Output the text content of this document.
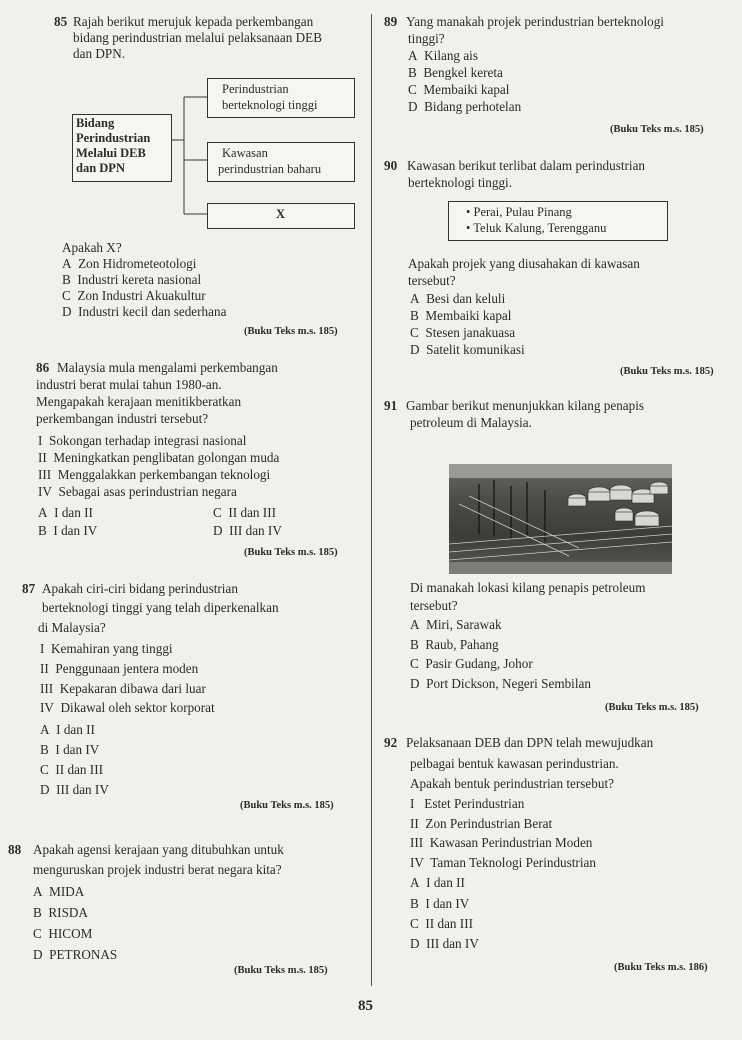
85 Rajah berikut merujuk kepada perkembangan
bidang perindustrian melalui pelaksanaan DEB
dan DPN.
Bidang
Perindustrian
Melalui DEB
dan DPN
Perindustrian
berteknologi tinggi
Kawasan
perindustrian baharu
X
Apakah X?
A Zon Hidrometeotologi
B Industri kereta nasional
C Zon Industri Akuakultur
D Industri kecil dan sederhana
(Buku Teks m.s. 185)
86 Malaysia mula mengalami perkembangan
industri berat mulai tahun 1980-an.
Mengapakah kerajaan menitikberatkan
perkembangan industri tersebut?
I Sokongan terhadap integrasi nasional
II Meningkatkan penglibatan golongan muda
III Menggalakkan perkembangan teknologi
IV Sebagai asas perindustrian negara
A I dan II	C II dan III
B I dan IV	D III dan IV
(Buku Teks m.s. 185)
87 Apakah ciri-ciri bidang perindustrian
berteknologi tinggi yang telah diperkenalkan
di Malaysia?
I Kemahiran yang tinggi
II Penggunaan jentera moden
III Kepakaran dibawa dari luar
IV Dikawal oleh sektor korporat
A I dan II
B I dan IV
C II dan III
D III dan IV
(Buku Teks m.s. 185)
88 Apakah agensi kerajaan yang ditubuhkan untuk
menguruskan projek industri berat negara kita?
A MIDA
B RISDA
C HICOM
D PETRONAS
(Buku Teks m.s. 185)
89 Yang manakah projek perindustrian berteknologi
tinggi?
A Kilang ais
B Bengkel kereta
C Membaiki kapal
D Bidang perhotelan
(Buku Teks m.s. 185)
90 Kawasan berikut terlibat dalam perindustrian
berteknologi tinggi.
• Perai, Pulau Pinang
• Teluk Kalung, Terengganu
Apakah projek yang diusahakan di kawasan
tersebut?
A Besi dan keluli
B Membaiki kapal
C Stesen janakuasa
D Satelit komunikasi
(Buku Teks m.s. 185)
91 Gambar berikut menunjukkan kilang penapis
petroleum di Malaysia.
Di manakah lokasi kilang penapis petroleum
tersebut?
A Miri, Sarawak
B Raub, Pahang
C Pasir Gudang, Johor
D Port Dickson, Negeri Sembilan
(Buku Teks m.s. 185)
92 Pelaksanaan DEB dan DPN telah mewujudkan
pelbagai bentuk kawasan perindustrian.
Apakah bentuk perindustrian tersebut?
I Estet Perindustrian
II Zon Perindustrian Berat
III Kawasan Perindustrian Moden
IV Taman Teknologi Perindustrian
A I dan II
B I dan IV
C II dan III
D III dan IV
(Buku Teks m.s. 186)
85
